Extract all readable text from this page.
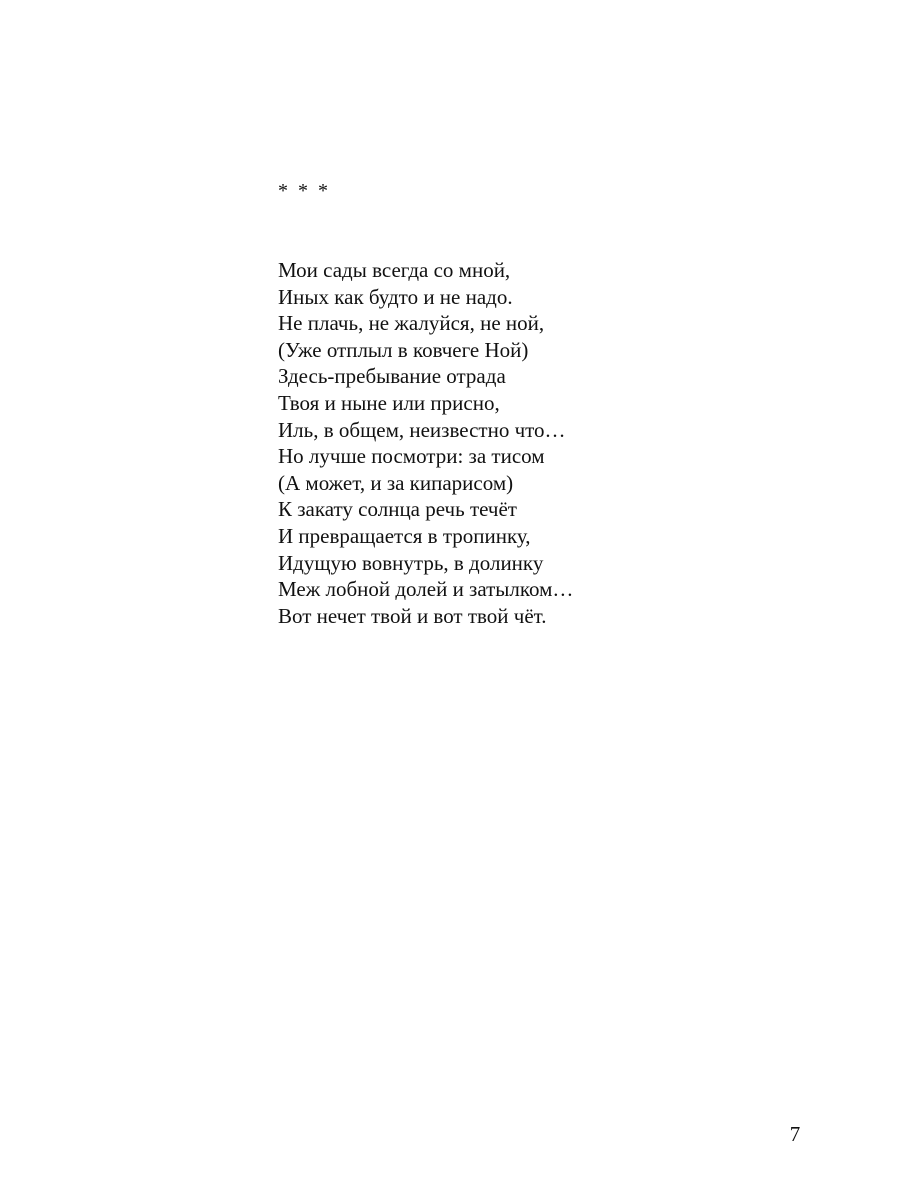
*  *  *
Мои сады всегда со мной,
Иных как будто и не надо.
Не плачь, не жалуйся, не ной,
(Уже отплыл в ковчеге Ной)
Здесь-пребывание отрада
Твоя и ныне или присно,
Иль, в общем, неизвестно что…
Но лучше посмотри: за тисом
(А может, и за кипарисом)
К закату солнца речь течёт
И превращается в тропинку,
Идущую вовнутрь, в долинку
Меж лобной долей и затылком…
Вот нечет твой и вот твой чёт.
7
